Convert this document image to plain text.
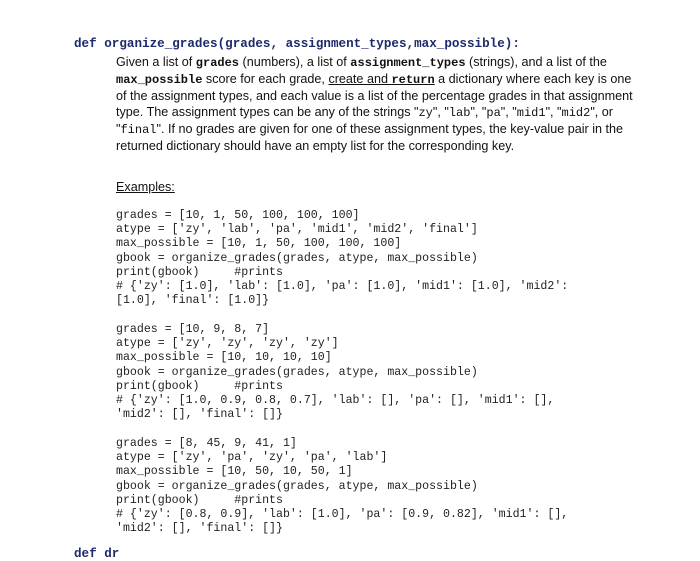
def organize_grades(grades, assignment_types,max_possible):
Given a list of grades (numbers), a list of assignment_types (strings), and a list of the max_possible score for each grade, create and return a dictionary where each key is one of the assignment types, and each value is a list of the percentage grades in that assignment type. The assignment types can be any of the strings "zy", "lab", "pa", "mid1", "mid2", or "final". If no grades are given for one of these assignment types, the key-value pair in the returned dictionary should have an empty list for the corresponding key.
Examples:
grades = [10, 1, 50, 100, 100, 100]
atype = ['zy', 'lab', 'pa', 'mid1', 'mid2', 'final']
max_possible = [10, 1, 50, 100, 100, 100]
gbook = organize_grades(grades, atype, max_possible)
print(gbook)     #prints
# {'zy': [1.0], 'lab': [1.0], 'pa': [1.0], 'mid1': [1.0], 'mid2':
[1.0], 'final': [1.0]}
grades = [10, 9, 8, 7]
atype = ['zy', 'zy', 'zy', 'zy']
max_possible = [10, 10, 10, 10]
gbook = organize_grades(grades, atype, max_possible)
print(gbook)     #prints
# {'zy': [1.0, 0.9, 0.8, 0.7], 'lab': [], 'pa': [], 'mid1': [],
'mid2': [], 'final': []}
grades = [8, 45, 9, 41, 1]
atype = ['zy', 'pa', 'zy', 'pa', 'lab']
max_possible = [10, 50, 10, 50, 1]
gbook = organize_grades(grades, atype, max_possible)
print(gbook)     #prints
# {'zy': [0.8, 0.9], 'lab': [1.0], 'pa': [0.9, 0.82], 'mid1': [],
'mid2': [], 'final': []}
def dr
